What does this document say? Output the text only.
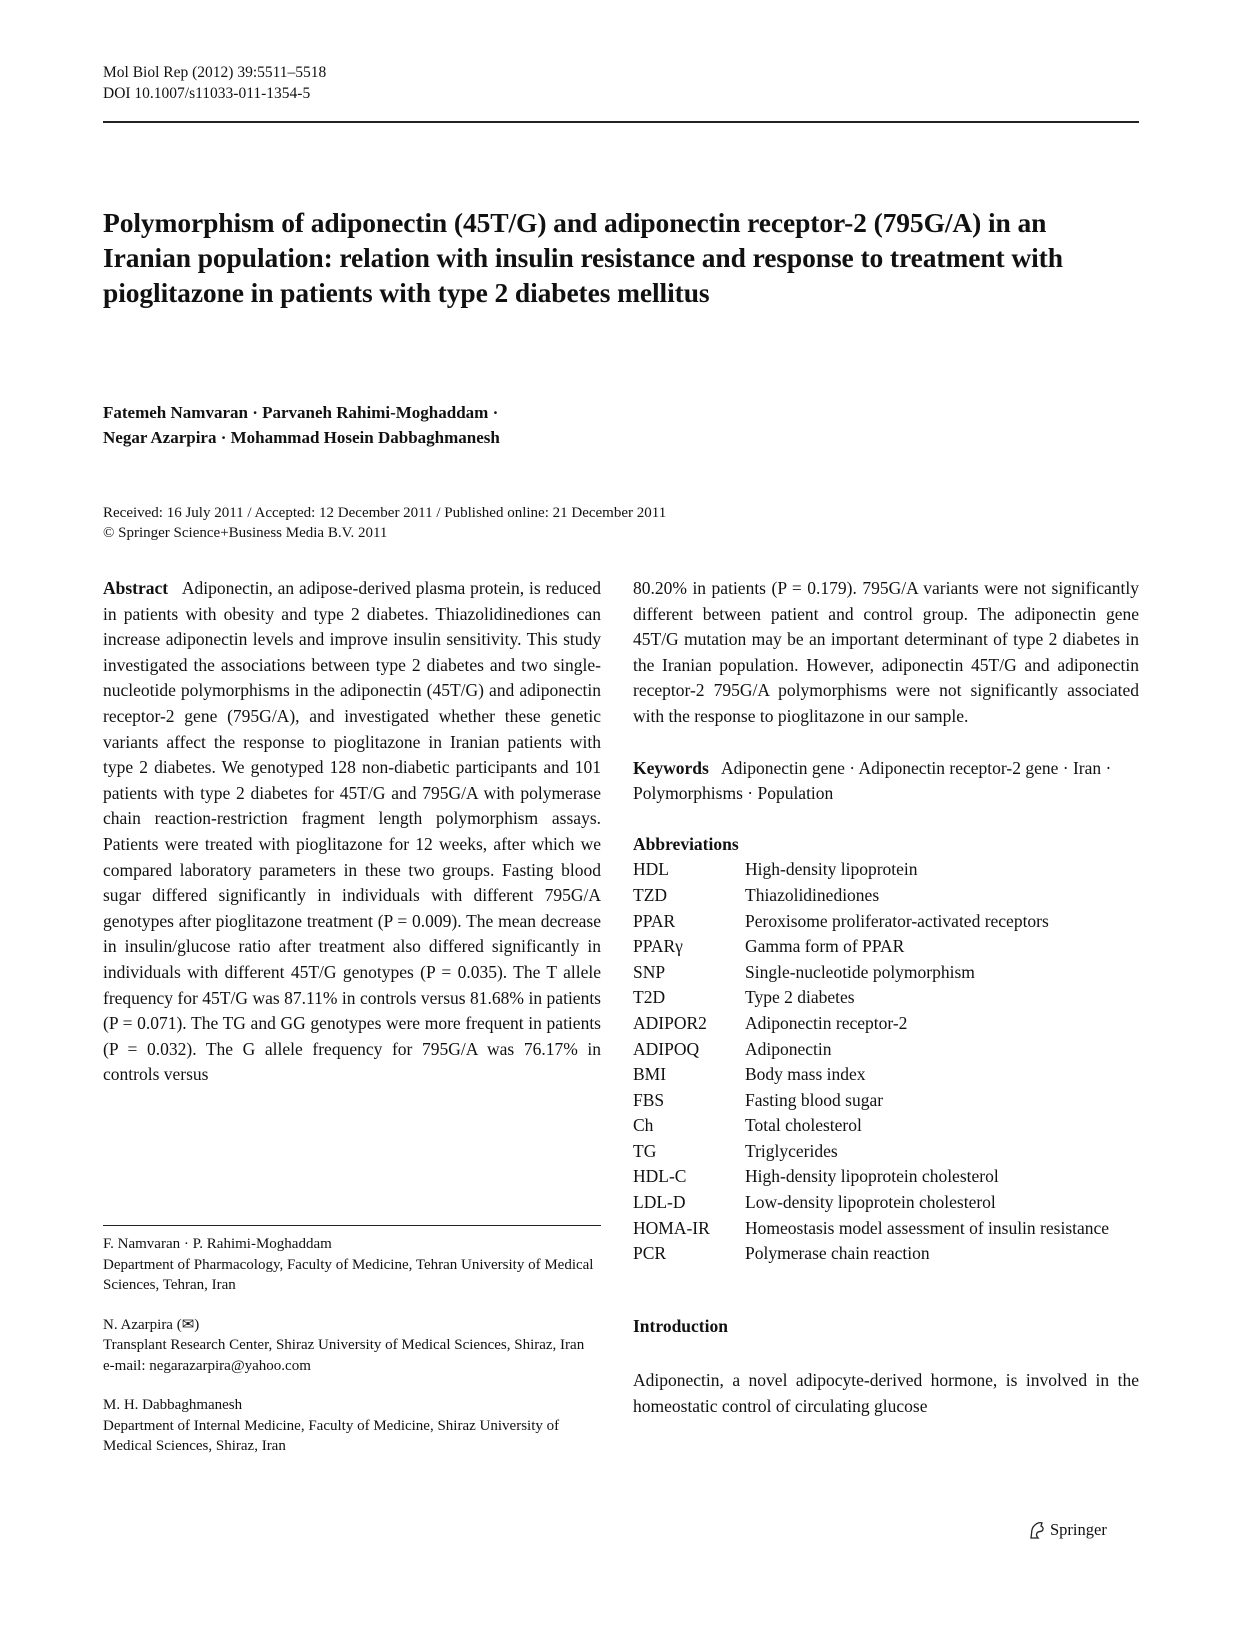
Mol Biol Rep (2012) 39:5511–5518
DOI 10.1007/s11033-011-1354-5
Polymorphism of adiponectin (45T/G) and adiponectin receptor-2 (795G/A) in an Iranian population: relation with insulin resistance and response to treatment with pioglitazone in patients with type 2 diabetes mellitus
Fatemeh Namvaran · Parvaneh Rahimi-Moghaddam ·
Negar Azarpira · Mohammad Hosein Dabbaghmanesh
Received: 16 July 2011 / Accepted: 12 December 2011 / Published online: 21 December 2011
© Springer Science+Business Media B.V. 2011
Abstract Adiponectin, an adipose-derived plasma protein, is reduced in patients with obesity and type 2 diabetes. Thiazolidinediones can increase adiponectin levels and improve insulin sensitivity. This study investigated the associations between type 2 diabetes and two single-nucleotide polymorphisms in the adiponectin (45T/G) and adiponectin receptor-2 gene (795G/A), and investigated whether these genetic variants affect the response to pioglitazone in Iranian patients with type 2 diabetes. We genotyped 128 non-diabetic participants and 101 patients with type 2 diabetes for 45T/G and 795G/A with polymerase chain reaction-restriction fragment length polymorphism assays. Patients were treated with pioglitazone for 12 weeks, after which we compared laboratory parameters in these two groups. Fasting blood sugar differed significantly in individuals with different 795G/A genotypes after pioglitazone treatment (P = 0.009). The mean decrease in insulin/glucose ratio after treatment also differed significantly in individuals with different 45T/G genotypes (P = 0.035). The T allele frequency for 45T/G was 87.11% in controls versus 81.68% in patients (P = 0.071). The TG and GG genotypes were more frequent in patients (P = 0.032). The G allele frequency for 795G/A was 76.17% in controls versus
F. Namvaran · P. Rahimi-Moghaddam
Department of Pharmacology, Faculty of Medicine, Tehran University of Medical Sciences, Tehran, Iran
N. Azarpira (✉)
Transplant Research Center, Shiraz University of Medical Sciences, Shiraz, Iran
e-mail: negarazarpira@yahoo.com
M. H. Dabbaghmanesh
Department of Internal Medicine, Faculty of Medicine, Shiraz University of Medical Sciences, Shiraz, Iran
80.20% in patients (P = 0.179). 795G/A variants were not significantly different between patient and control group. The adiponectin gene 45T/G mutation may be an important determinant of type 2 diabetes in the Iranian population. However, adiponectin 45T/G and adiponectin receptor-2 795G/A polymorphisms were not significantly associated with the response to pioglitazone in our sample.
Keywords Adiponectin gene · Adiponectin receptor-2 gene · Iran · Polymorphisms · Population
Abbreviations
HDL	High-density lipoprotein
TZD	Thiazolidinediones
PPAR	Peroxisome proliferator-activated receptors
PPARγ	Gamma form of PPAR
SNP	Single-nucleotide polymorphism
T2D	Type 2 diabetes
ADIPOR2	Adiponectin receptor-2
ADIPOQ	Adiponectin
BMI	Body mass index
FBS	Fasting blood sugar
Ch	Total cholesterol
TG	Triglycerides
HDL-C	High-density lipoprotein cholesterol
LDL-D	Low-density lipoprotein cholesterol
HOMA-IR	Homeostasis model assessment of insulin resistance
PCR	Polymerase chain reaction
Introduction
Adiponectin, a novel adipocyte-derived hormone, is involved in the homeostatic control of circulating glucose
Springer
